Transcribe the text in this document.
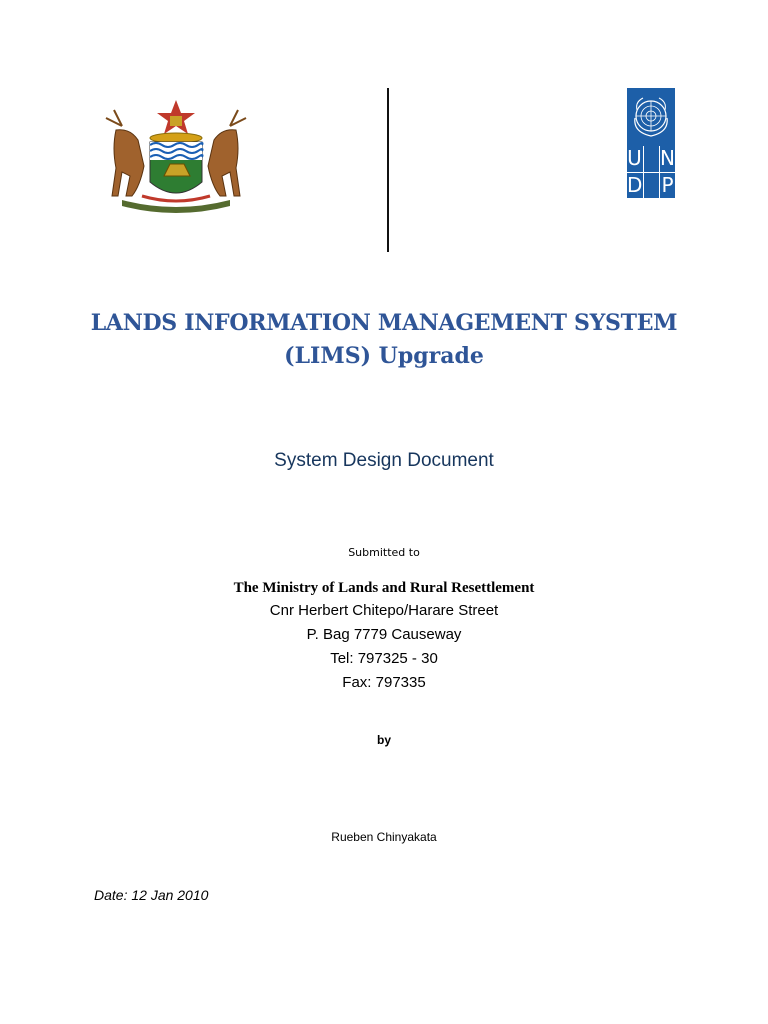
U N
D P
LANDS INFORMATION MANAGEMENT SYSTEM
(LIMS) Upgrade
System Design Document
Submitted to
The Ministry of Lands and Rural Resettlement
Cnr Herbert Chitepo/Harare Street
P. Bag 7779 Causeway
Tel: 797325 - 30
Fax: 797335
by
Rueben Chinyakata
Date: 12 Jan 2010
